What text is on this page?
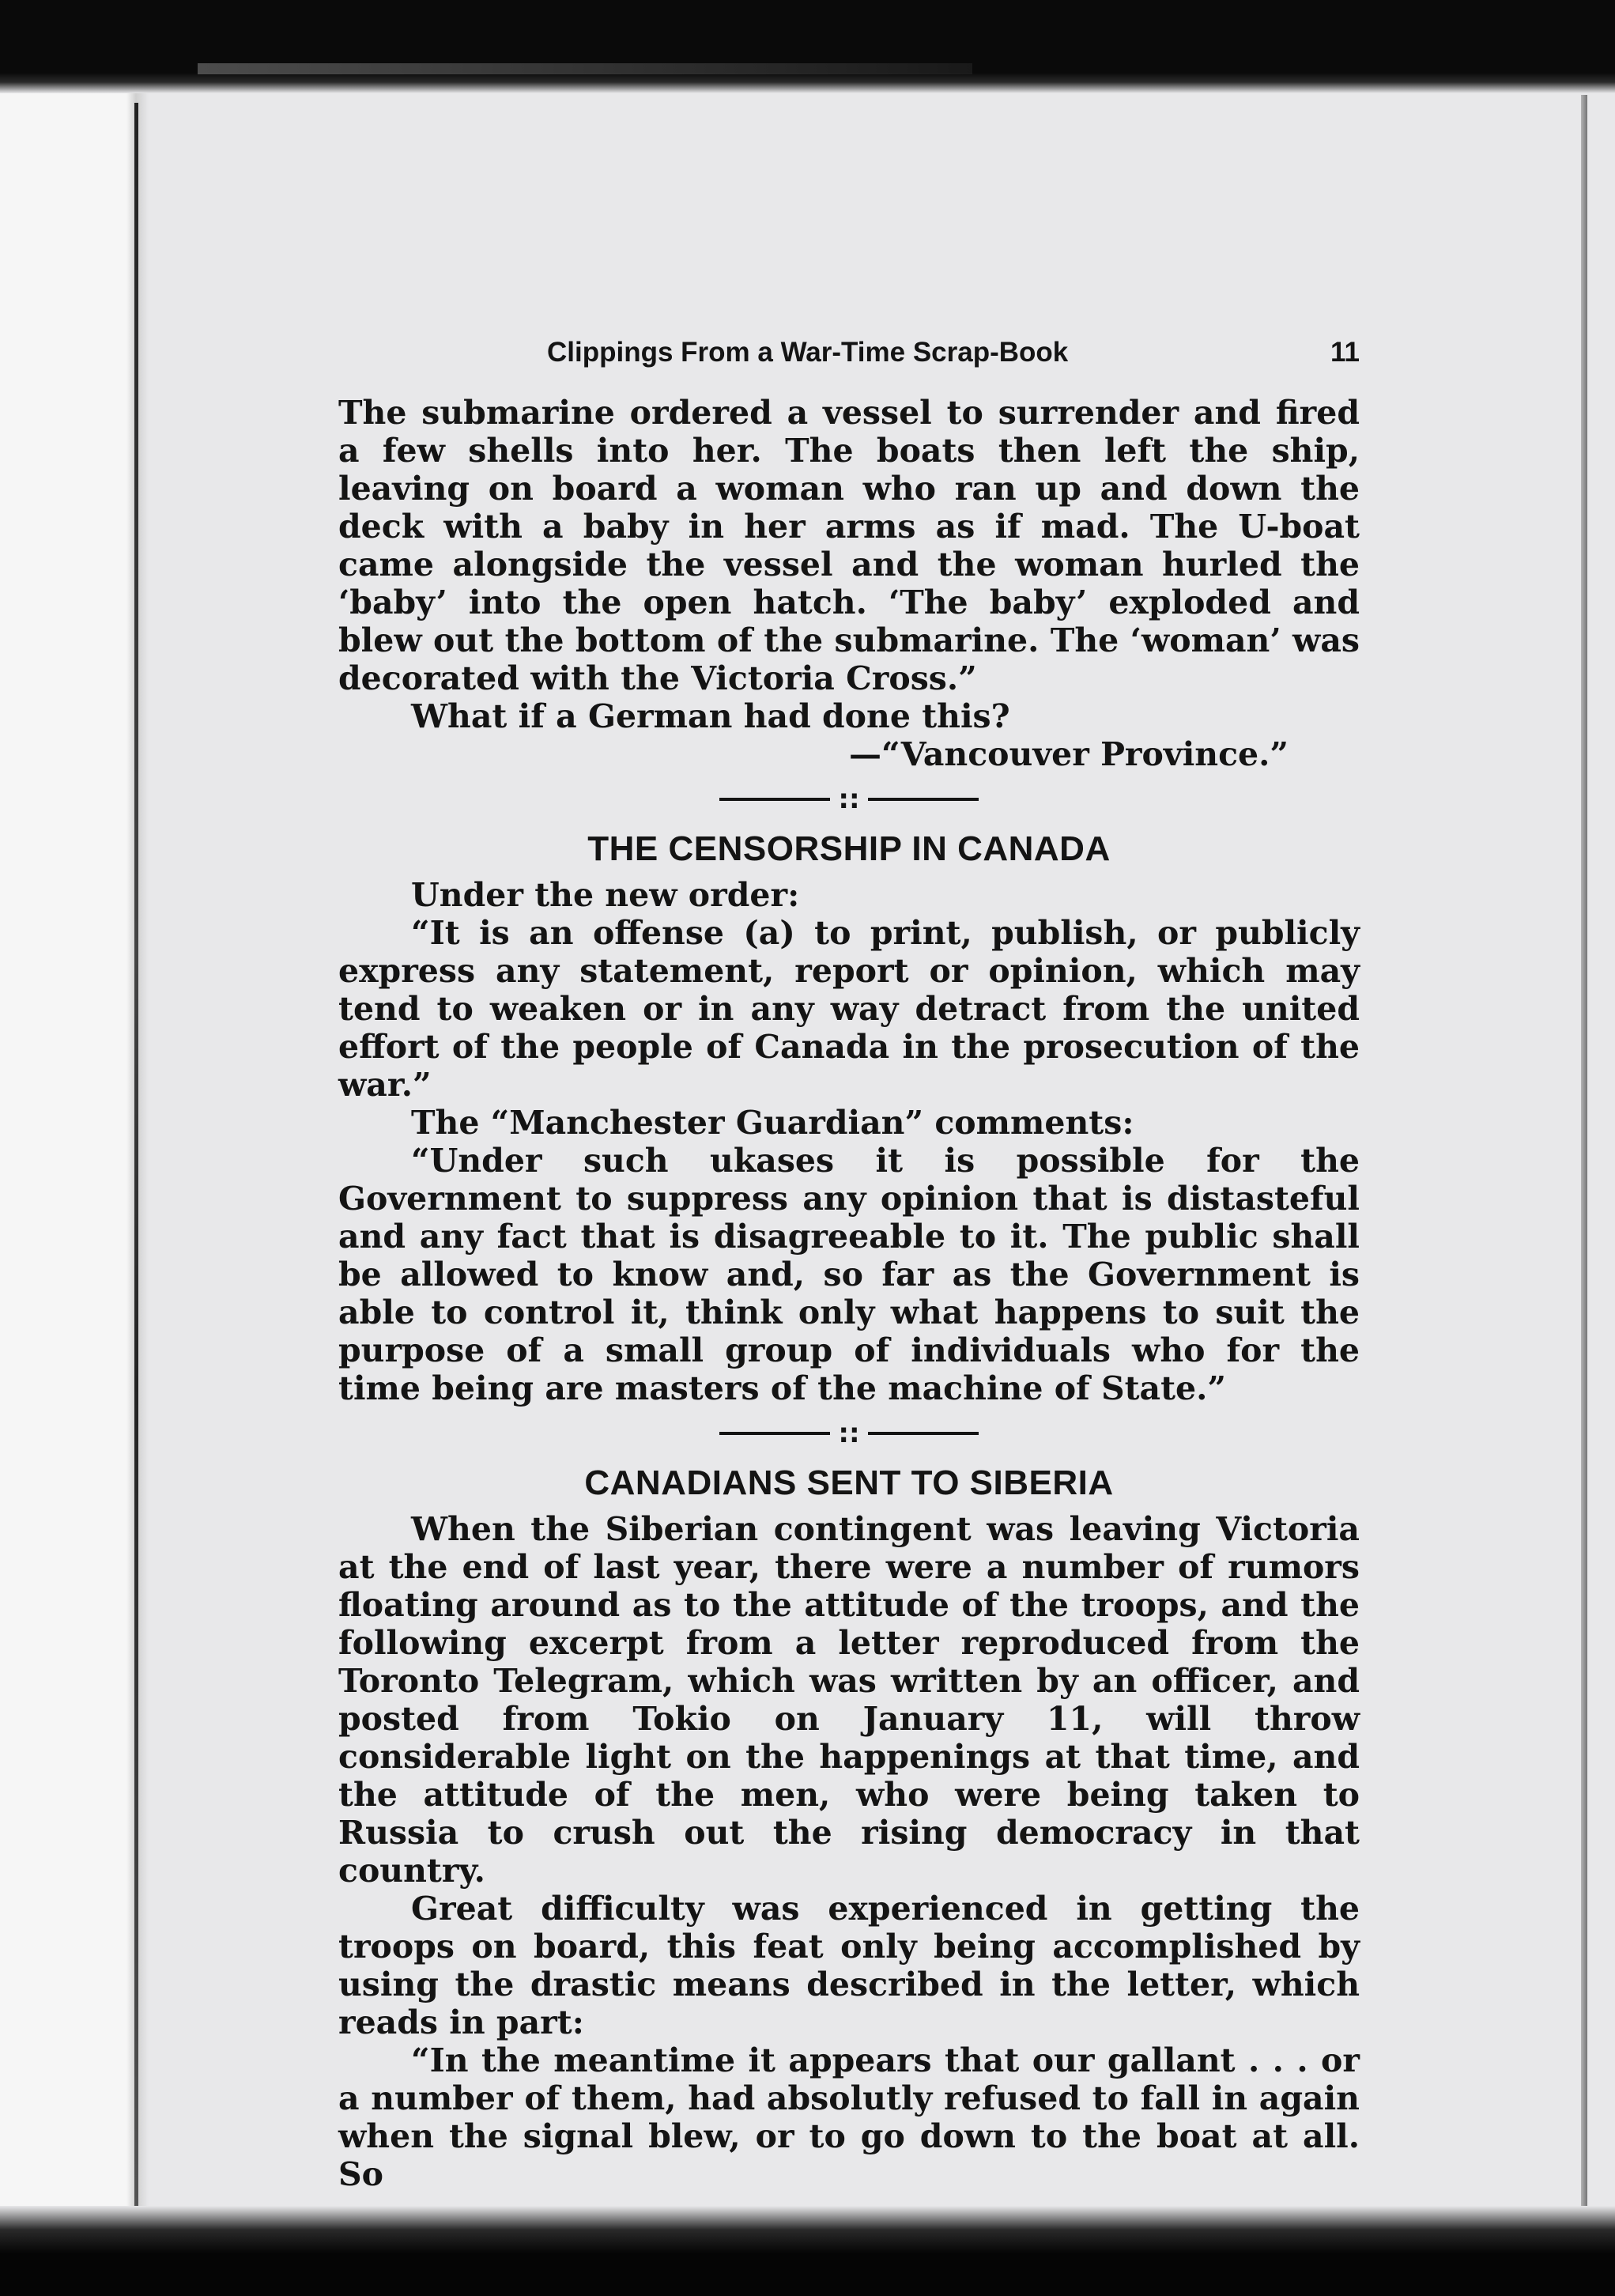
Clippings From a War-Time Scrap-Book	11

The submarine ordered a vessel to surrender and fired a few shells into her. The boats then left the ship, leaving on board a woman who ran up and down the deck with a baby in her arms as if mad. The U-boat came alongside the vessel and the woman hurled the ‘baby’ into the open hatch. ‘The baby’ exploded and blew out the bottom of the submarine. The ‘woman’ was decorated with the Victoria Cross.”

What if a German had done this?

—“Vancouver Province.”

::
THE CENSORSHIP IN CANADA

Under the new order:

“It is an offense (a) to print, publish, or publicly express any statement, report or opinion, which may tend to weaken or in any way detract from the united effort of the people of Canada in the prosecution of the war.”

The “Manchester Guardian” comments:

“Under such ukases it is possible for the Government to suppress any opinion that is distasteful and any fact that is disagreeable to it. The public shall be allowed to know and, so far as the Government is able to control it, think only what happens to suit the purpose of a small group of individuals who for the time being are masters of the machine of State.”

::
CANADIANS SENT TO SIBERIA

When the Siberian contingent was leaving Victoria at the end of last year, there were a number of rumors floating around as to the attitude of the troops, and the following excerpt from a letter reproduced from the Toronto Telegram, which was written by an officer, and posted from Tokio on January 11, will throw considerable light on the happenings at that time, and the attitude of the men, who were being taken to Russia to crush out the rising democracy in that country.

Great difficulty was experienced in getting the troops on board, this feat only being accomplished by using the drastic means described in the letter, which reads in part:

“In the meantime it appears that our gallant . . . or a number of them, had absolutly refused to fall in again when the signal blew, or to go down to the boat at all. So
